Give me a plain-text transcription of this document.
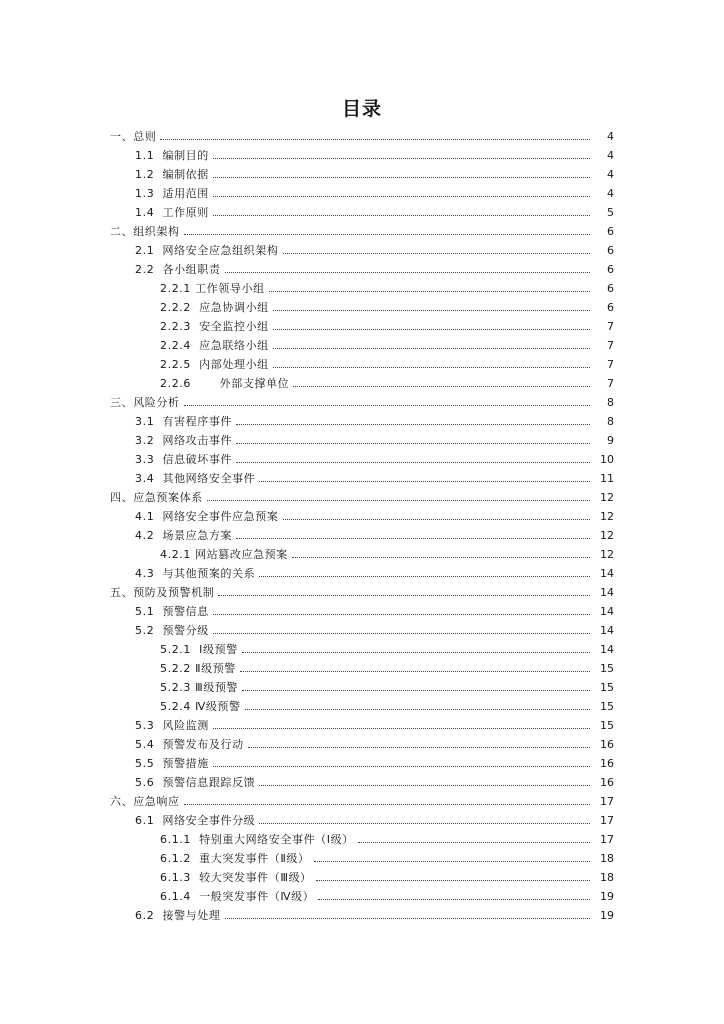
目录
一、总则	4
1.1  编制目的	4
1.2  编制依据	4
1.3  适用范围	4
1.4  工作原则	5
二、组织架构	6
2.1  网络安全应急组织架构	6
2.2  各小组职责	6
2.2.1 工作领导小组	6
2.2.2  应急协调小组	6
2.2.3  安全监控小组	7
2.2.4  应急联络小组	7
2.2.5  内部处理小组	7
2.2.6       外部支撑单位	7
三、风险分析	8
3.1  有害程序事件	8
3.2  网络攻击事件	9
3.3  信息破坏事件	10
3.4  其他网络安全事件	11
四、应急预案体系	12
4.1  网络安全事件应急预案	12
4.2  场景应急方案	12
4.2.1 网站篡改应急预案	12
4.3  与其他预案的关系	14
五、预防及预警机制	14
5.1  预警信息	14
5.2  预警分级	14
5.2.1  Ⅰ级预警	14
5.2.2 Ⅱ级预警	15
5.2.3 Ⅲ级预警	15
5.2.4 Ⅳ级预警	15
5.3  风险监测	15
5.4  预警发布及行动	16
5.5  预警措施	16
5.6  预警信息跟踪反馈	16
六、应急响应	17
6.1  网络安全事件分级	17
6.1.1  特别重大网络安全事件（Ⅰ级）	17
6.1.2  重大突发事件（Ⅱ级）	18
6.1.3  较大突发事件（Ⅲ级）	18
6.1.4  一般突发事件（Ⅳ级）	19
6.2  接警与处理	19
